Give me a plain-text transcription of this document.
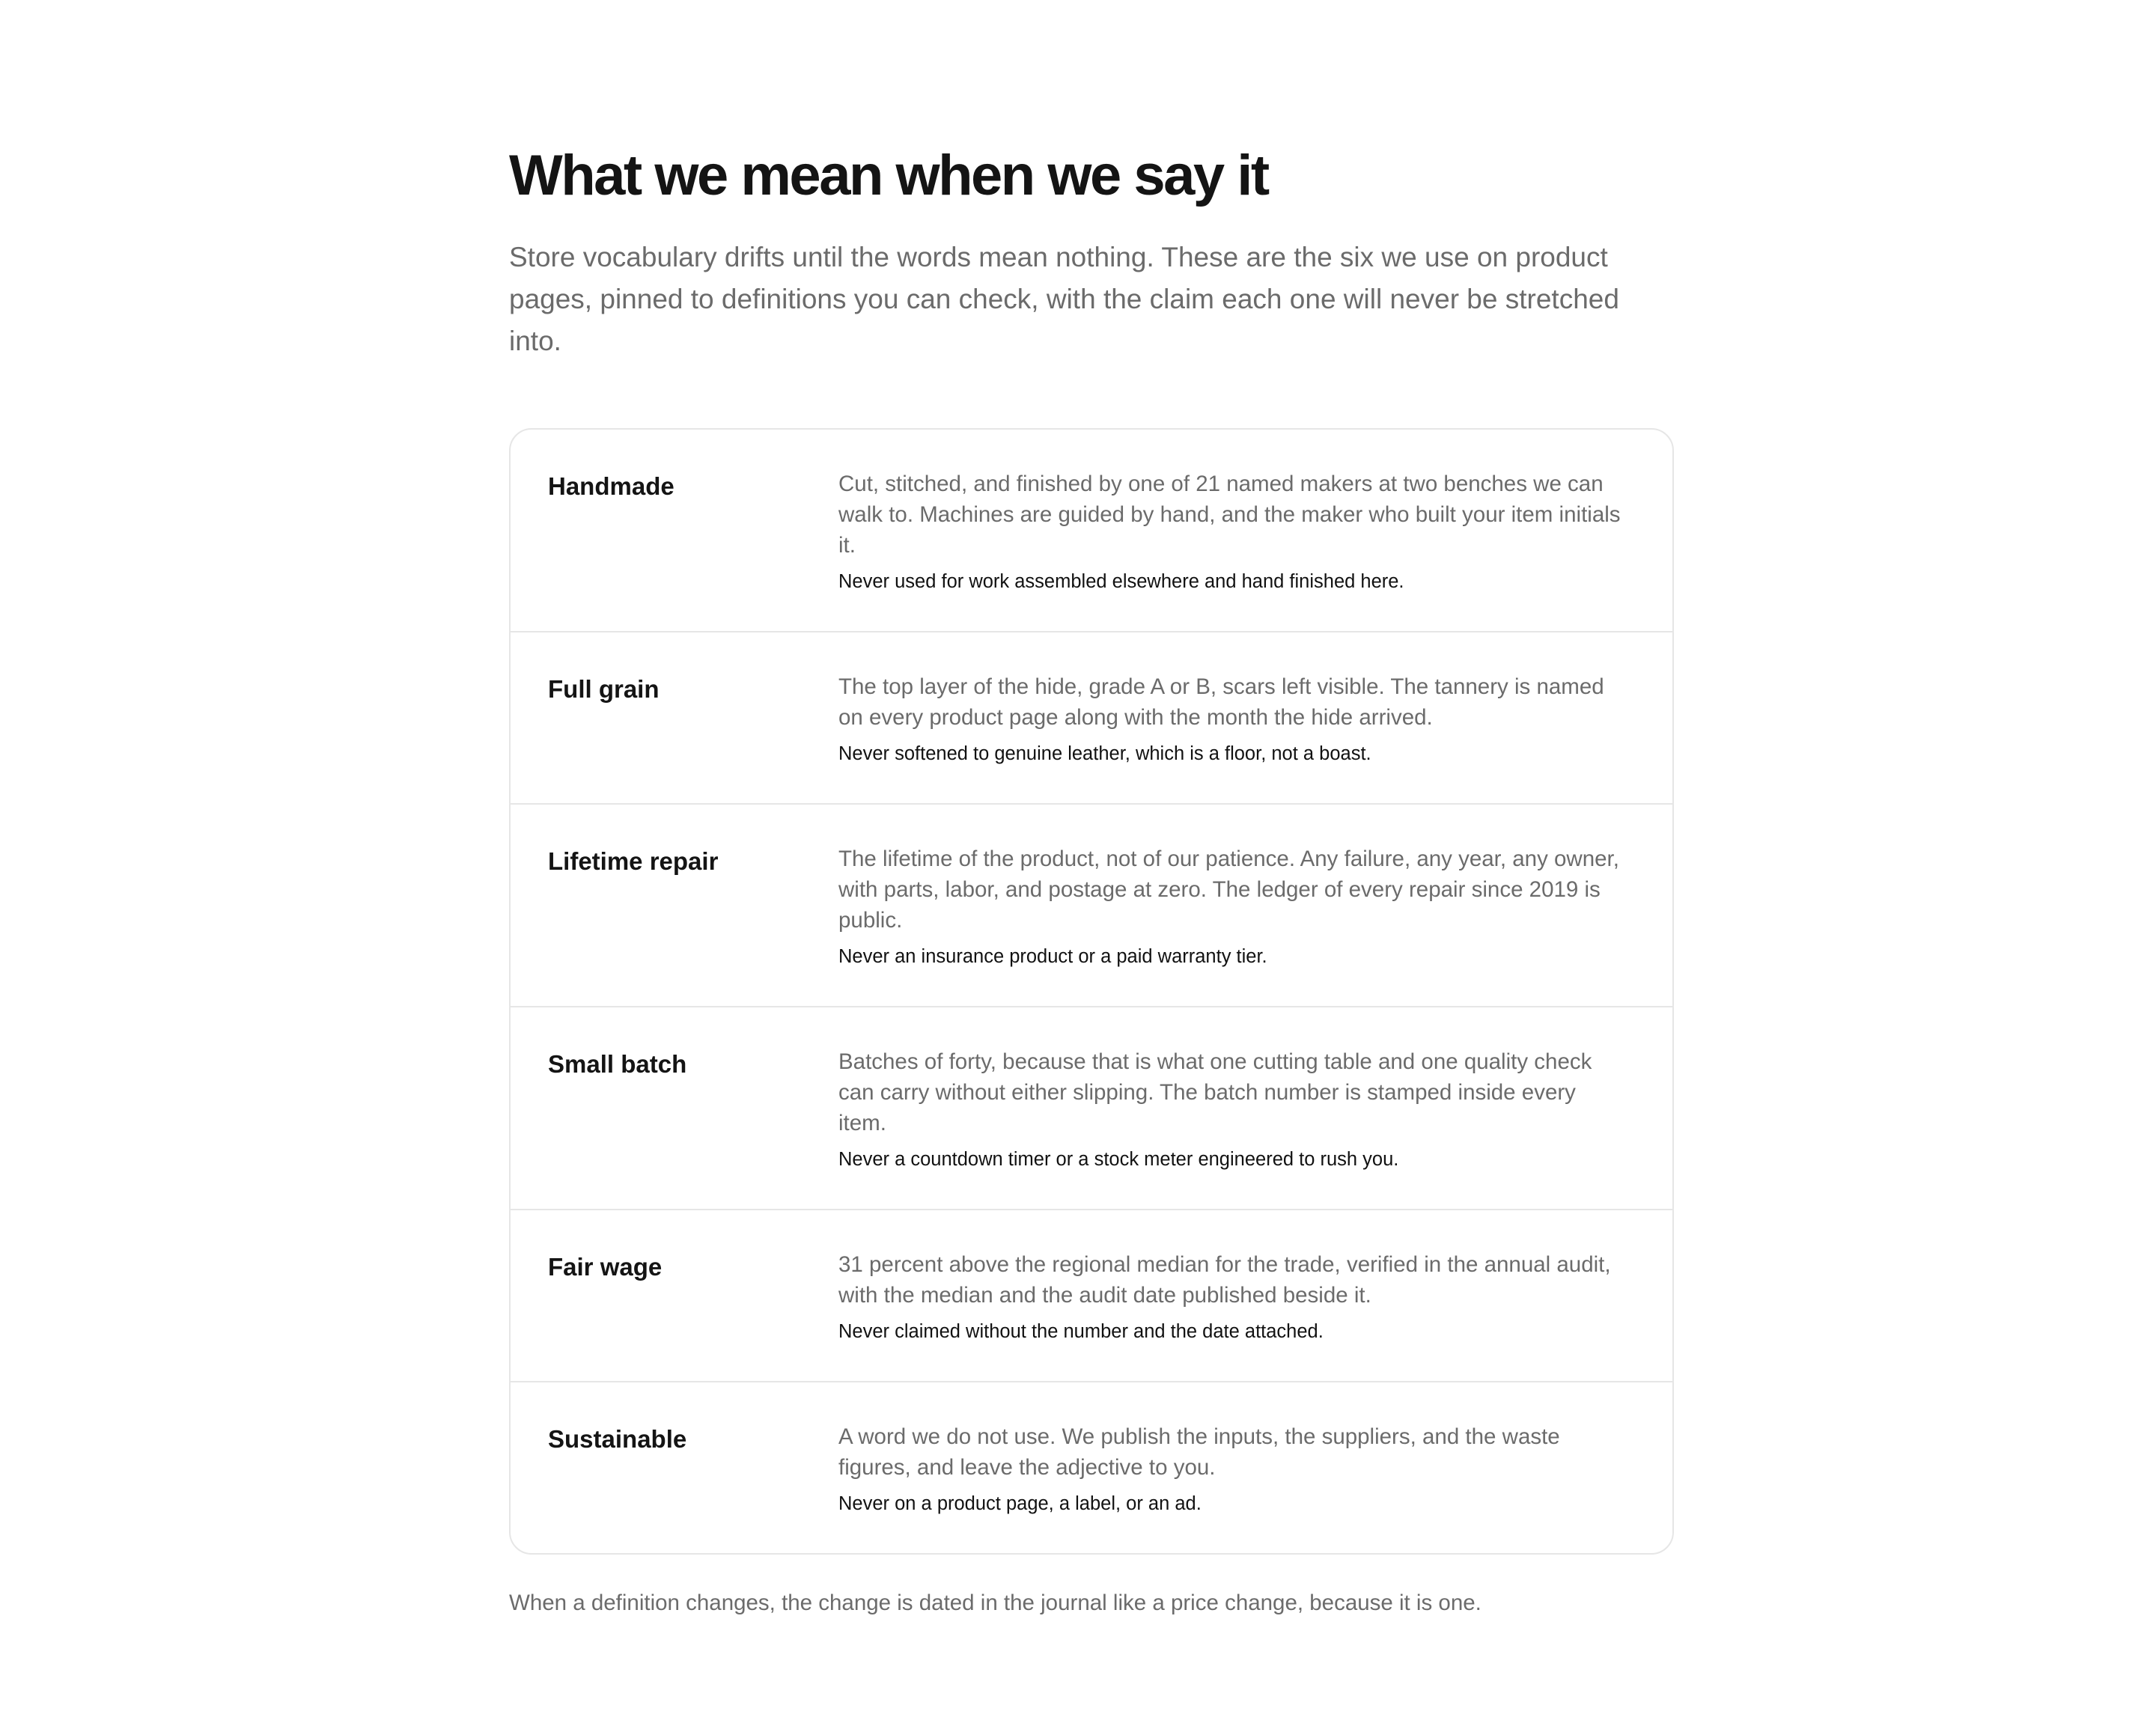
What we mean when we say it

Store vocabulary drifts until the words mean nothing. These are the six we use on product pages, pinned to definitions you can check, with the claim each one will never be stretched into.

Handmade	Cut, stitched, and finished by one of 21 named makers at two benches we can walk to. Machines are guided by hand, and the maker who built your item initials it.

Never used for work assembled elsewhere and hand finished here.

Full grain	The top layer of the hide, grade A or B, scars left visible. The tannery is named on every product page along with the month the hide arrived.

Never softened to genuine leather, which is a floor, not a boast.

Lifetime repair	The lifetime of the product, not of our patience. Any failure, any year, any owner, with parts, labor, and postage at zero. The ledger of every repair since 2019 is public.

Never an insurance product or a paid warranty tier.

Small batch	Batches of forty, because that is what one cutting table and one quality check can carry without either slipping. The batch number is stamped inside every item.

Never a countdown timer or a stock meter engineered to rush you.

Fair wage	31 percent above the regional median for the trade, verified in the annual audit, with the median and the audit date published beside it.

Never claimed without the number and the date attached.

Sustainable	A word we do not use. We publish the inputs, the suppliers, and the waste figures, and leave the adjective to you.

Never on a product page, a label, or an ad.

When a definition changes, the change is dated in the journal like a price change, because it is one.
